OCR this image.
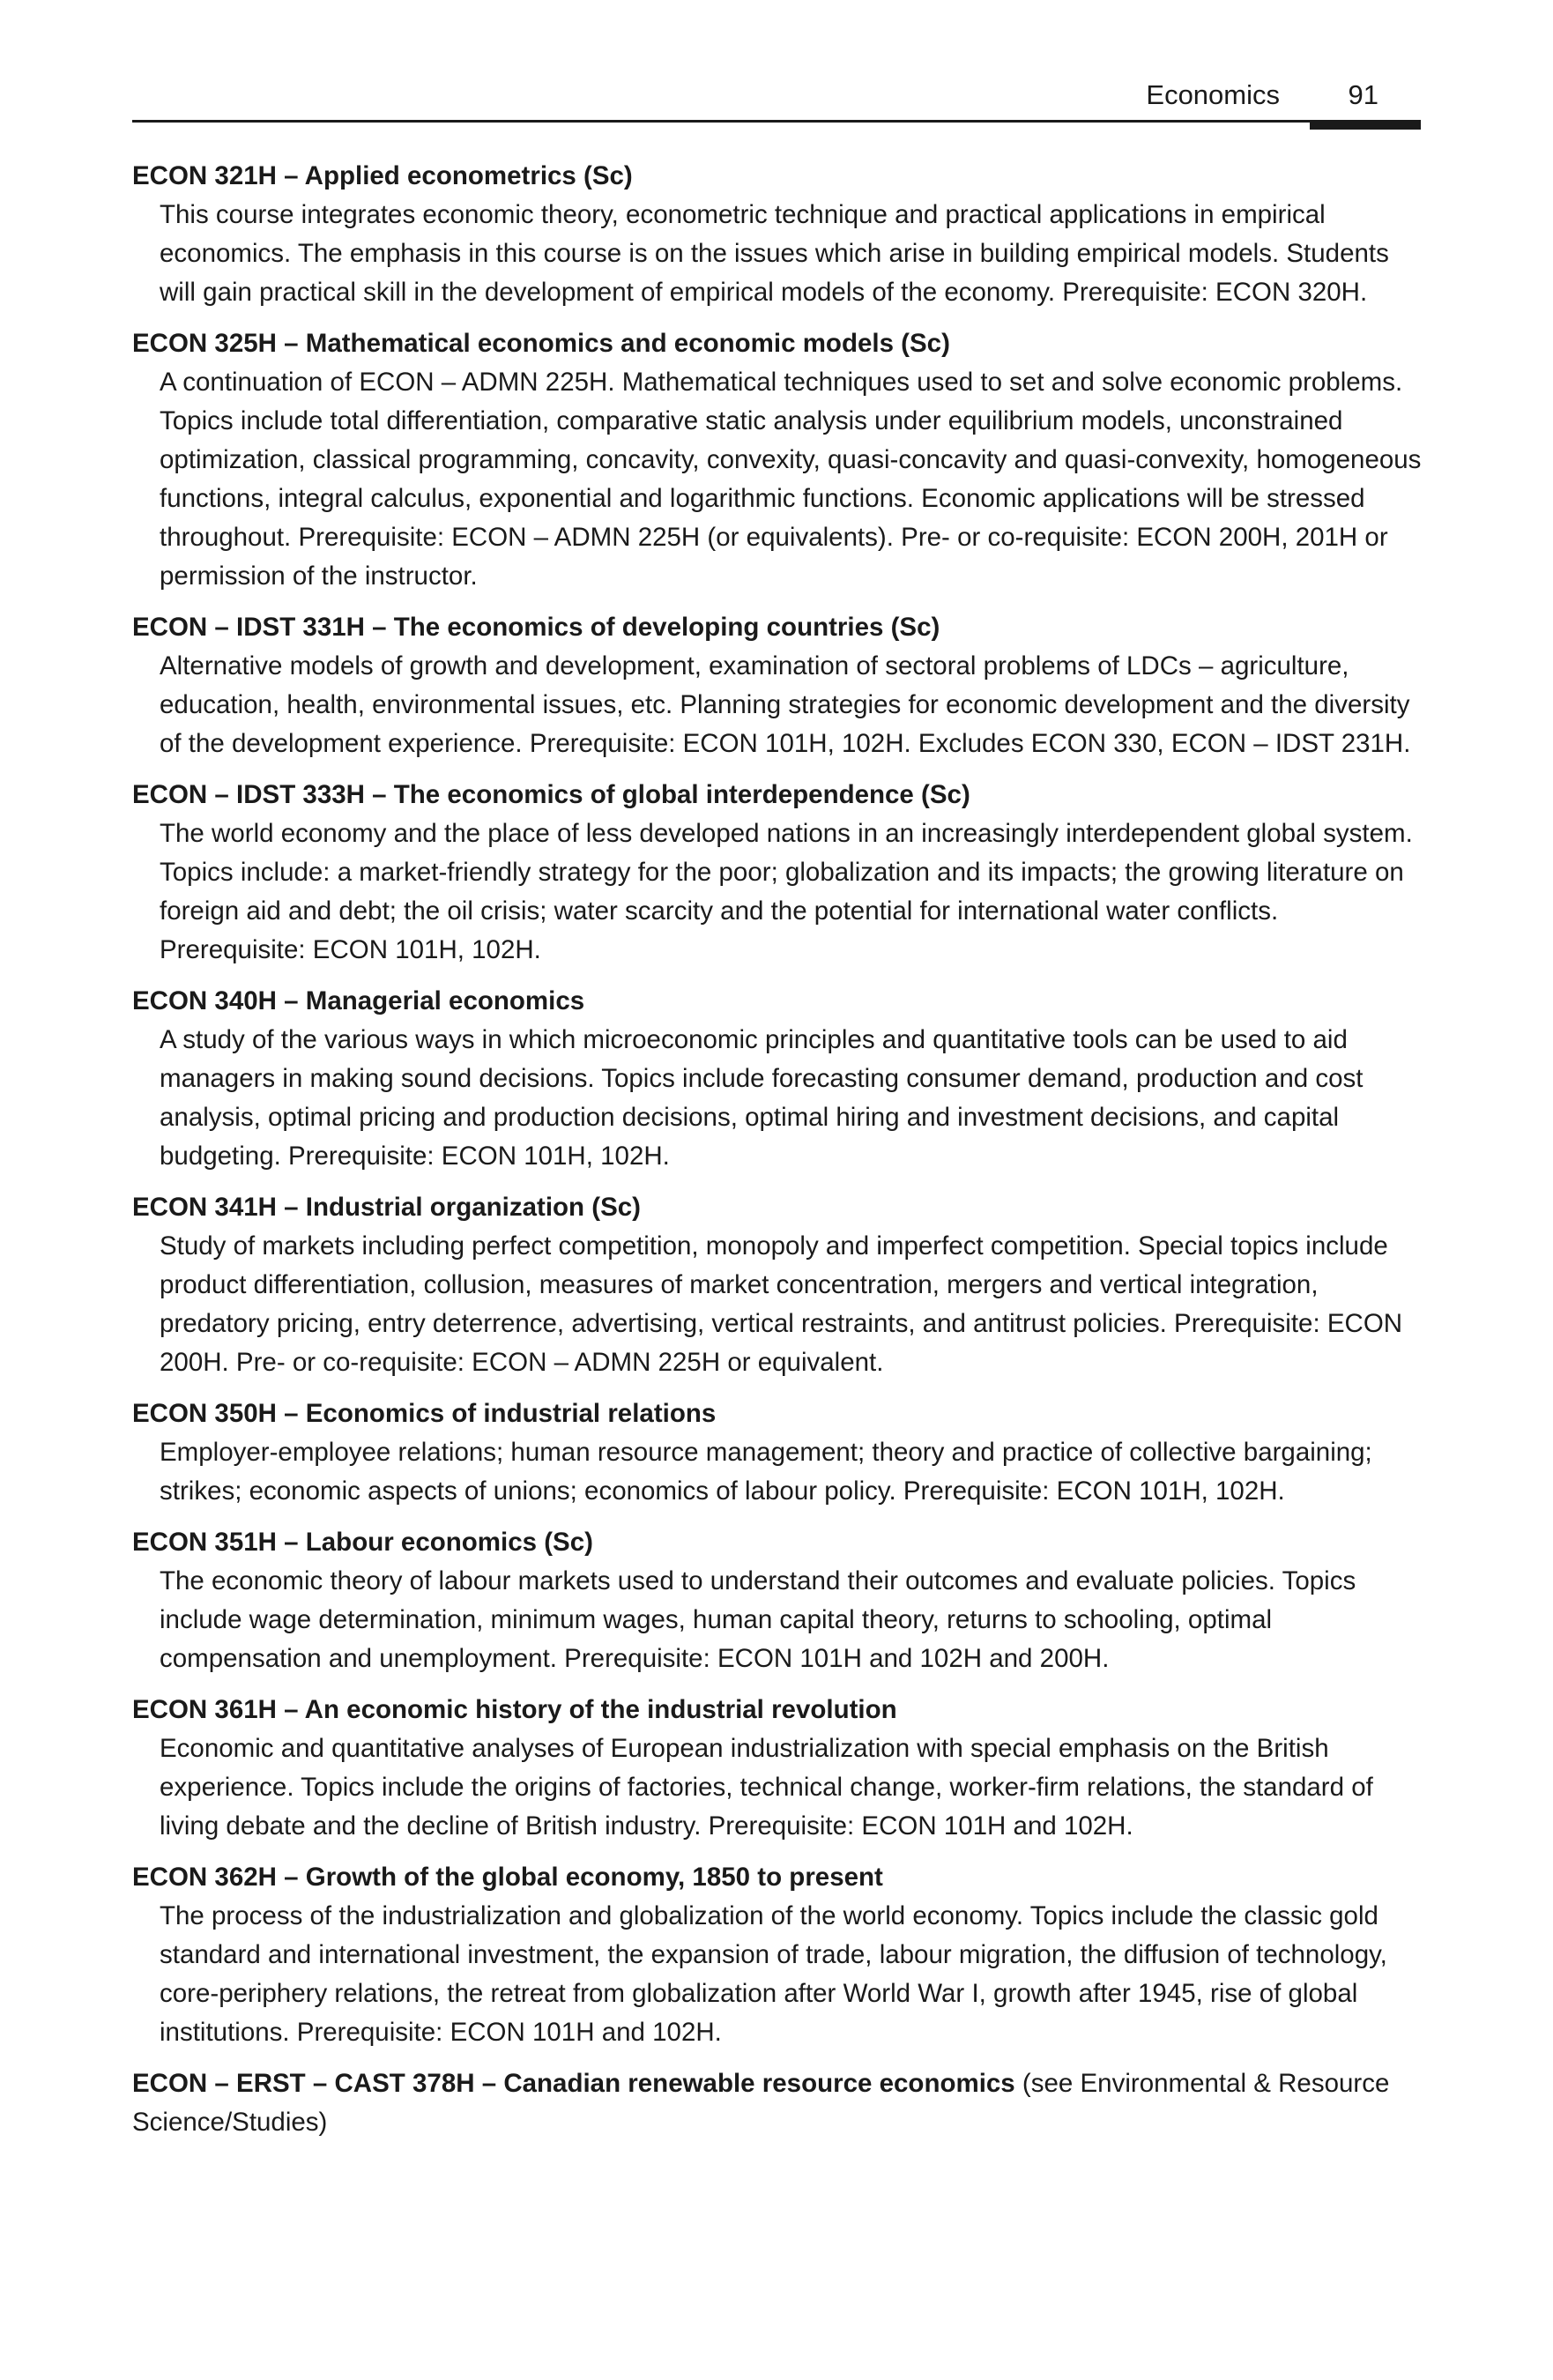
Economics	91

ECON 321H – Applied econometrics (Sc)

This course integrates economic theory, econometric technique and practical applications in empirical economics. The emphasis in this course is on the issues which arise in building empirical models. Students will gain practical skill in the development of empirical models of the economy. Prerequisite: ECON 320H.

ECON 325H – Mathematical economics and economic models (Sc)

A continuation of ECON – ADMN 225H. Mathematical techniques used to set and solve economic problems. Topics include total differentiation, comparative static analysis under equilibrium models, unconstrained optimization, classical programming, concavity, convexity, quasi-concavity and quasi-convexity, homogeneous functions, integral calculus, exponential and logarithmic functions. Economic applications will be stressed throughout. Prerequisite: ECON – ADMN 225H (or equivalents). Pre- or co-requisite: ECON 200H, 201H or permission of the instructor.

ECON – IDST 331H – The economics of developing countries (Sc)

Alternative models of growth and development, examination of sectoral problems of LDCs – agriculture, education, health, environmental issues, etc. Planning strategies for economic development and the diversity of the development experience. Prerequisite: ECON 101H, 102H. Excludes ECON 330, ECON – IDST 231H.

ECON – IDST 333H – The economics of global interdependence (Sc)

The world economy and the place of less developed nations in an increasingly interdependent global system. Topics include: a market-friendly strategy for the poor; globalization and its impacts; the growing literature on foreign aid and debt; the oil crisis; water scarcity and the potential for international water conflicts. Prerequisite: ECON 101H, 102H.

ECON 340H – Managerial economics

A study of the various ways in which microeconomic principles and quantitative tools can be used to aid managers in making sound decisions. Topics include forecasting consumer demand, production and cost analysis, optimal pricing and production decisions, optimal hiring and investment decisions, and capital budgeting. Prerequisite: ECON 101H, 102H.

ECON 341H – Industrial organization (Sc)

Study of markets including perfect competition, monopoly and imperfect competition. Special topics include product differentiation, collusion, measures of market concentration, mergers and vertical integration, predatory pricing, entry deterrence, advertising, vertical restraints, and antitrust policies. Prerequisite: ECON 200H. Pre- or co-requisite: ECON – ADMN 225H or equivalent.

ECON 350H – Economics of industrial relations

Employer-employee relations; human resource management; theory and practice of collective bargaining; strikes; economic aspects of unions; economics of labour policy. Prerequisite: ECON 101H, 102H.

ECON 351H – Labour economics (Sc)

The economic theory of labour markets used to understand their outcomes and evaluate policies. Topics include wage determination, minimum wages, human capital theory, returns to schooling, optimal compensation and unemployment. Prerequisite: ECON 101H and 102H and 200H.

ECON 361H – An economic history of the industrial revolution

Economic and quantitative analyses of European industrialization with special emphasis on the British experience. Topics include the origins of factories, technical change, worker-firm relations, the standard of living debate and the decline of British industry. Prerequisite: ECON 101H and 102H.

ECON 362H – Growth of the global economy, 1850 to present

The process of the industrialization and globalization of the world economy. Topics include the classic gold standard and international investment, the expansion of trade, labour migration, the diffusion of technology, core-periphery relations, the retreat from globalization after World War I, growth after 1945, rise of global institutions. Prerequisite: ECON 101H and 102H.

ECON – ERST – CAST 378H – Canadian renewable resource economics (see Environmental & Resource Science/Studies)
